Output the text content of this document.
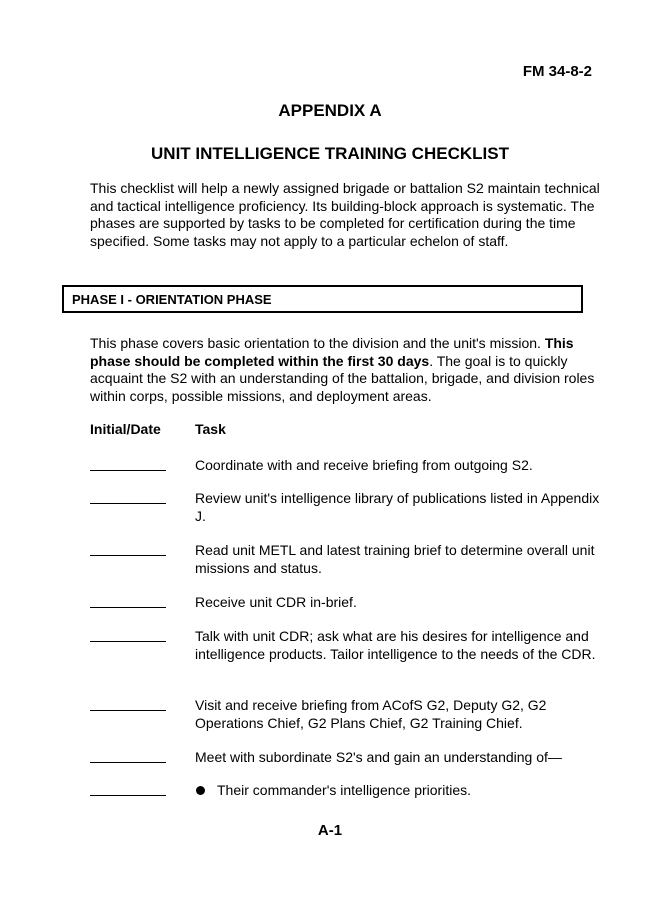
FM 34-8-2
APPENDIX A
UNIT INTELLIGENCE TRAINING CHECKLIST
This checklist will help a newly assigned brigade or battalion S2 maintain technical and tactical intelligence proficiency. Its building-block approach is systematic. The phases are supported by tasks to be completed for certification during the time specified. Some tasks may not apply to a particular echelon of staff.
PHASE I - ORIENTATION PHASE
This phase covers basic orientation to the division and the unit's mission. This phase should be completed within the first 30 days. The goal is to quickly acquaint the S2 with an understanding of the battalion, brigade, and division roles within corps, possible missions, and deployment areas.
Initial/Date Task
Coordinate with and receive briefing from outgoing S2.
Review unit's intelligence library of publications listed in Appendix J.
Read unit METL and latest training brief to determine overall unit missions and status.
Receive unit CDR in-brief.
Talk with unit CDR; ask what are his desires for intelligence and intelligence products. Tailor intelligence to the needs of the CDR.
Visit and receive briefing from ACofS G2, Deputy G2, G2 Operations Chief, G2 Plans Chief, G2 Training Chief.
Meet with subordinate S2's and gain an understanding of—
Their commander's intelligence priorities.
A-1
